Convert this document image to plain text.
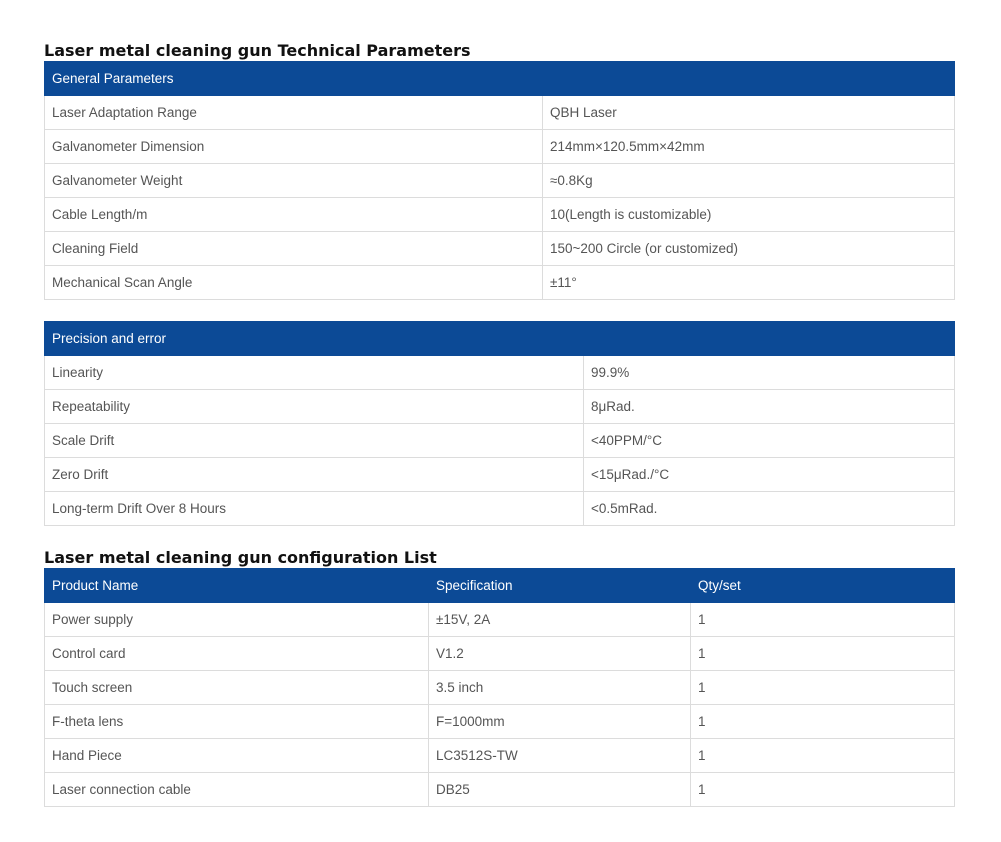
Laser metal cleaning gun Technical Parameters
General Parameters	
Laser Adaptation Range	QBH Laser
Galvanometer Dimension	214mm×120.5mm×42mm
Galvanometer Weight	≈0.8Kg
Cable Length/m	10(Length is customizable)
Cleaning Field	150~200 Circle (or customized)
Mechanical Scan Angle	±11°
Precision and error	
Linearity	99.9%
Repeatability	8μRad.
Scale Drift	<40PPM/°C
Zero Drift	<15μRad./°C
Long-term Drift Over 8 Hours	<0.5mRad.
Laser metal cleaning gun configuration List
Product Name	Specification	Qty/set
Power supply	±15V, 2A	1
Control card	V1.2	1
Touch screen	3.5 inch	1
F-theta lens	F=1000mm	1
Hand Piece	LC3512S-TW	1
Laser connection cable	DB25	1
